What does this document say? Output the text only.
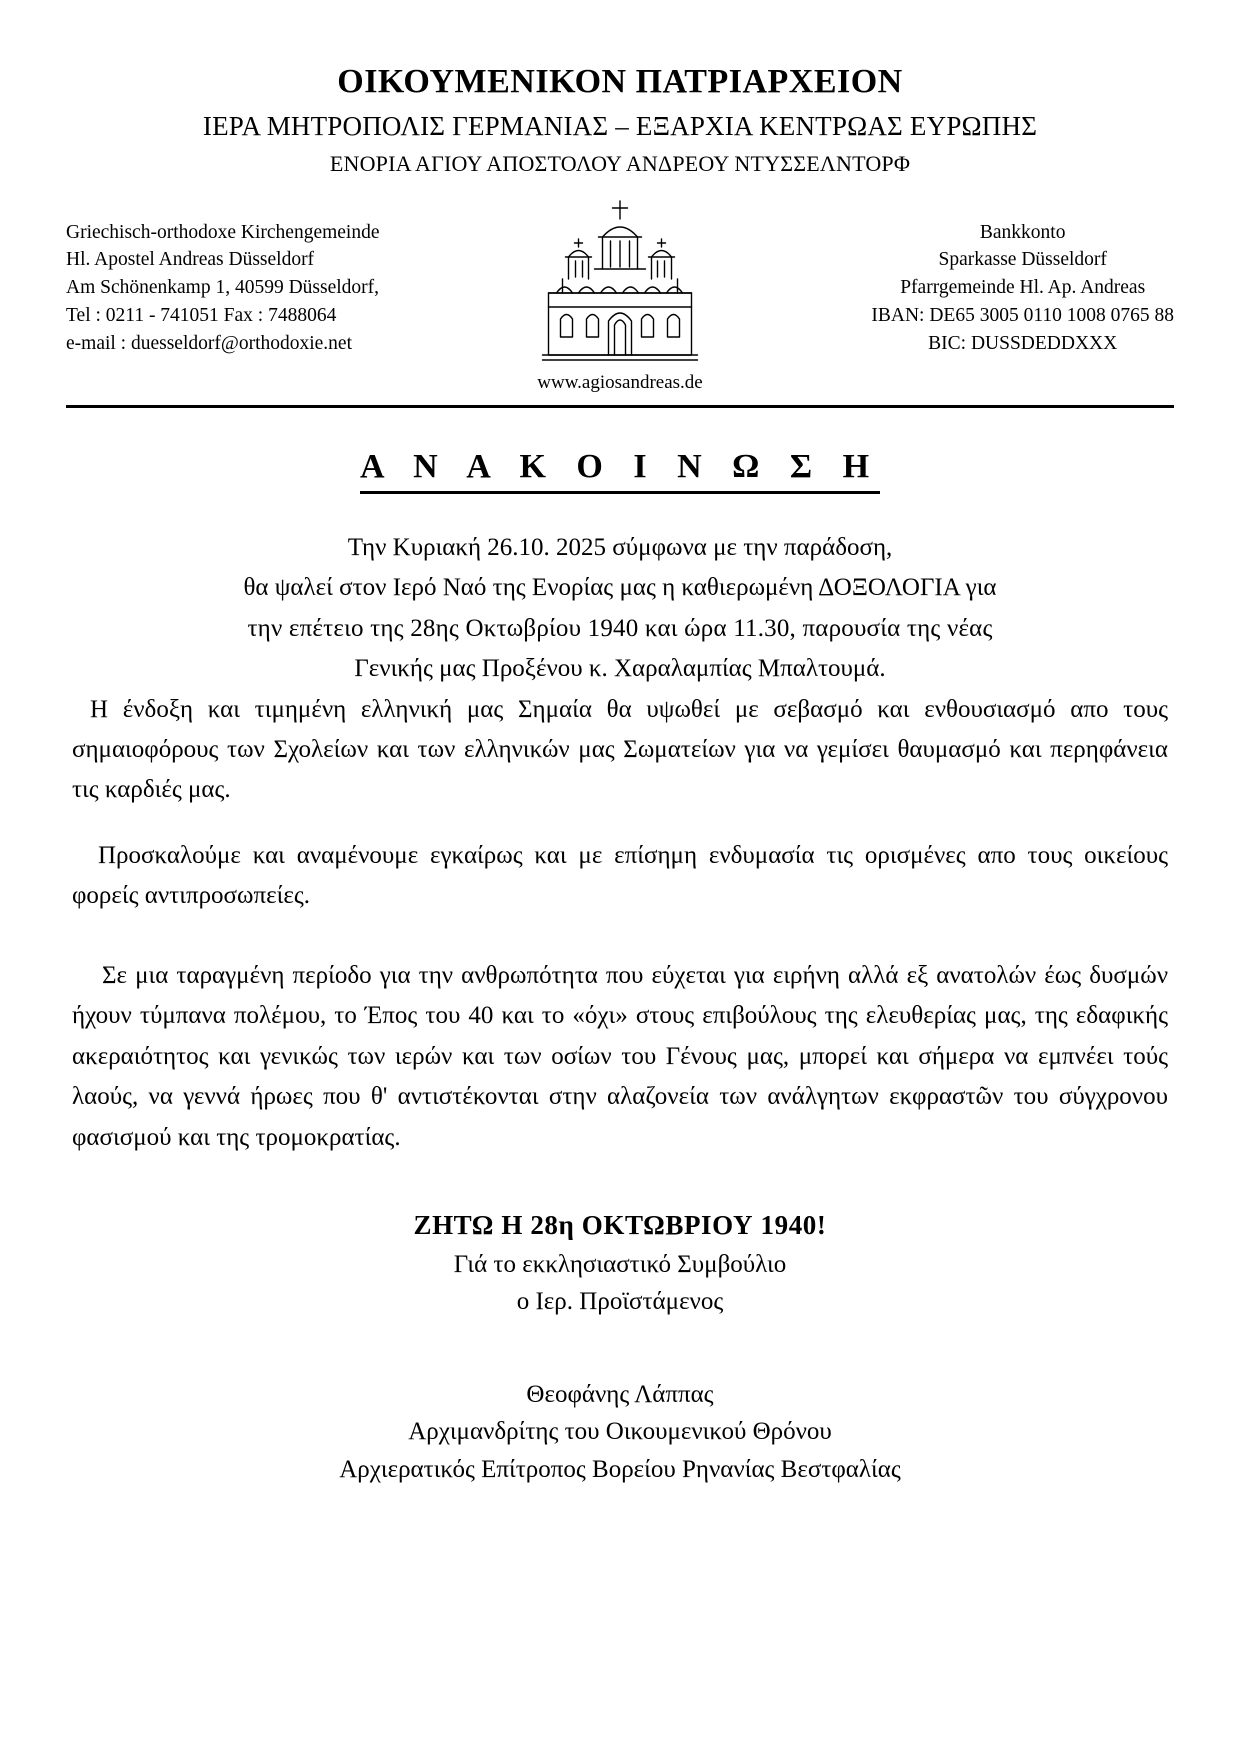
ΟΙΚΟΥΜΕΝΙΚΟΝ ΠΑΤΡΙΑΡΧΕΙΟΝ
ΙΕΡΑ ΜΗΤΡΟΠΟΛΙΣ ΓΕΡΜΑΝΙΑΣ – ΕΞΑΡΧΙΑ ΚΕΝΤΡΩΑΣ ΕΥΡΩΠΗΣ
ΕΝΟΡΙΑ ΑΓΙΟΥ ΑΠΟΣΤΟΛΟΥ ΑΝΔΡΕΟΥ ΝΤΥΣΣΕΛΝΤΟΡΦ
Griechisch-orthodoxe Kirchengemeinde
Hl. Apostel Andreas Düsseldorf
Am Schönenkamp 1, 40599 Düsseldorf,
Tel : 0211 - 741051 Fax : 7488064
e-mail : duesseldorf@orthodoxie.net
www.agiosandreas.de
Bankkonto
Sparkasse Düsseldorf
Pfarrgemeinde Hl. Ap. Andreas
IBAN: DE65 3005 0110 1008 0765 88
BIC: DUSSDEDDXXX
Α Ν Α Κ Ο Ι Ν Ω Σ Η
Την Κυριακή 26.10. 2025 σύμφωνα με την παράδοση,
θα ψαλεί στον Ιερό Ναό της Ενορίας μας η καθιερωμένη ΔΟΞΟΛΟΓΙΑ για
την επέτειο της 28ης Οκτωβρίου 1940 και ώρα 11.30, παρουσία της νέας
Γενικής μας Προξένου κ. Χαραλαμπίας Μπαλτουμά.

Η ένδοξη και τιμημένη ελληνική μας Σημαία θα υψωθεί με σεβασμό και ενθουσιασμό απο τους σημαιοφόρους των Σχολείων και των ελληνικών μας Σωματείων για να γεμίσει θαυμασμό και περηφάνεια τις καρδιές μας.

Προσκαλούμε και αναμένουμε εγκαίρως και με επίσημη ενδυμασία τις ορισμένες απο τους οικείους φορείς αντιπροσωπείες.

Σε μια ταραγμένη περίοδο για την ανθρωπότητα που εύχεται για ειρήνη αλλά εξ ανατολών έως δυσμών ήχουν τύμπανα πολέμου, το Έπος του 40 και το «όχι» στους επιβούλους της ελευθερίας μας, της εδαφικής ακεραιότητος και γενικώς των ιερών και των οσίων του Γένους μας, μπορεί και σήμερα να εμπνέει τούς λαούς, να γεννά ήρωες που θ' αντιστέκονται στην αλαζονεία των ανάλγητων εκφραστῶν του σύγχρονου φασισμού και της τρομοκρατίας.

ΖΗΤΩ Η 28η ΟΚΤΩΒΡΙΟΥ 1940!
Γιά το εκκλησιαστικό Συμβούλιο
ο Ιερ. Προϊστάμενος
Θεοφάνης Λάππας
Αρχιμανδρίτης του Οικουμενικού Θρόνου
Αρχιερατικός Επίτροπος Βορείου Ρηνανίας Βεστφαλίας
